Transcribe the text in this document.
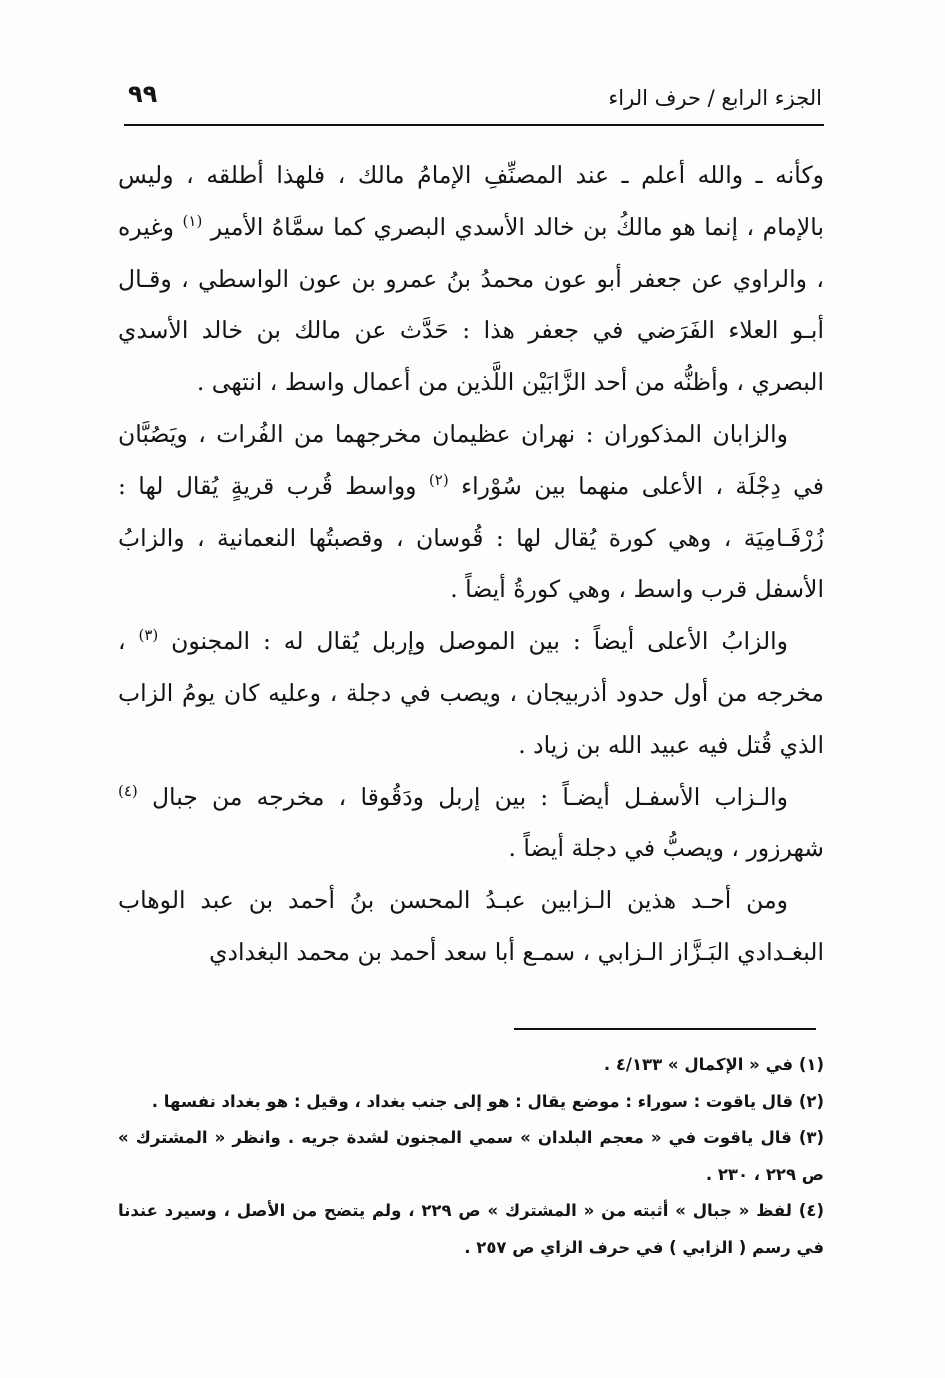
الجزء الرابع / حرف الراء
٩٩

وكأنه ـ والله أعلم ـ عند المصنِّفِ الإمامُ مالك ، فلهذا أطلقه ، وليس بالإمام ، إنما هو مالكُ بن خالد الأسدي البصري كما سمَّاهُ الأمير $^{(١)}$ وغيره ، والراوي عن جعفر أبو عون محمدُ بنُ عمرو بن عون الواسطي ، وقـال أبـو العلاء الفَرَضي في جعفر هذا : حَدَّث عن مالك بن خالد الأسدي البصري ، وأظنُّه من أحد الزَّابَيْن اللَّذين من أعمال واسط ، انتهى .

والزابان المذكوران : نهران عظيمان مخرجهما من الفُرات ، ويَصُبَّان في دِجْلَة ، الأعلى منهما بين سُوْراء $^{(٢)}$ وواسط قُرب قريةٍ يُقال لها : زُرْفَـامِيَة ، وهي كورة يُقال لها : قُوسان ، وقصبتُها النعمانية ، والزابُ الأسفل قرب واسط ، وهي كورةُ أيضاً .

والزابُ الأعلى أيضاً : بين الموصل وإربل يُقال له : المجنون $^{(٣)}$ ، مخرجه من أول حدود أذربيجان ، ويصب في دجلة ، وعليه كان يومُ الزاب الذي قُتل فيه عبيد الله بن زياد .

والـزاب الأسفـل أيضـاً : بين إربل ودَقُوقا ، مخرجه من جبال $^{(٤)}$ شهرزور ، ويصبُّ في دجلة أيضاً .

ومن أحـد هذين الـزابين عبـدُ المحسن بنُ أحمد بن عبد الوهاب البغـدادي البَـزَّاز الـزابي ، سمـع أبا سعد أحمد بن محمد البغدادي

(١) في « الإكمال » ٤/١٣٣ .

(٢) قال ياقوت : سوراء : موضع يقال : هو إلى جنب بغداد ، وقيل : هو بغداد نفسها .

(٣) قال ياقوت في « معجم البلدان » سمي المجنون لشدة جريه . وانظر « المشترك » ص ٢٢٩ ، ٢٣٠ .

(٤) لفظ « جبال » أثبته من « المشترك » ص ٢٢٩ ، ولم يتضح من الأصل ، وسيرد عندنا في رسم ( الزابي ) في حرف الزاي ص ٢٥٧ .
